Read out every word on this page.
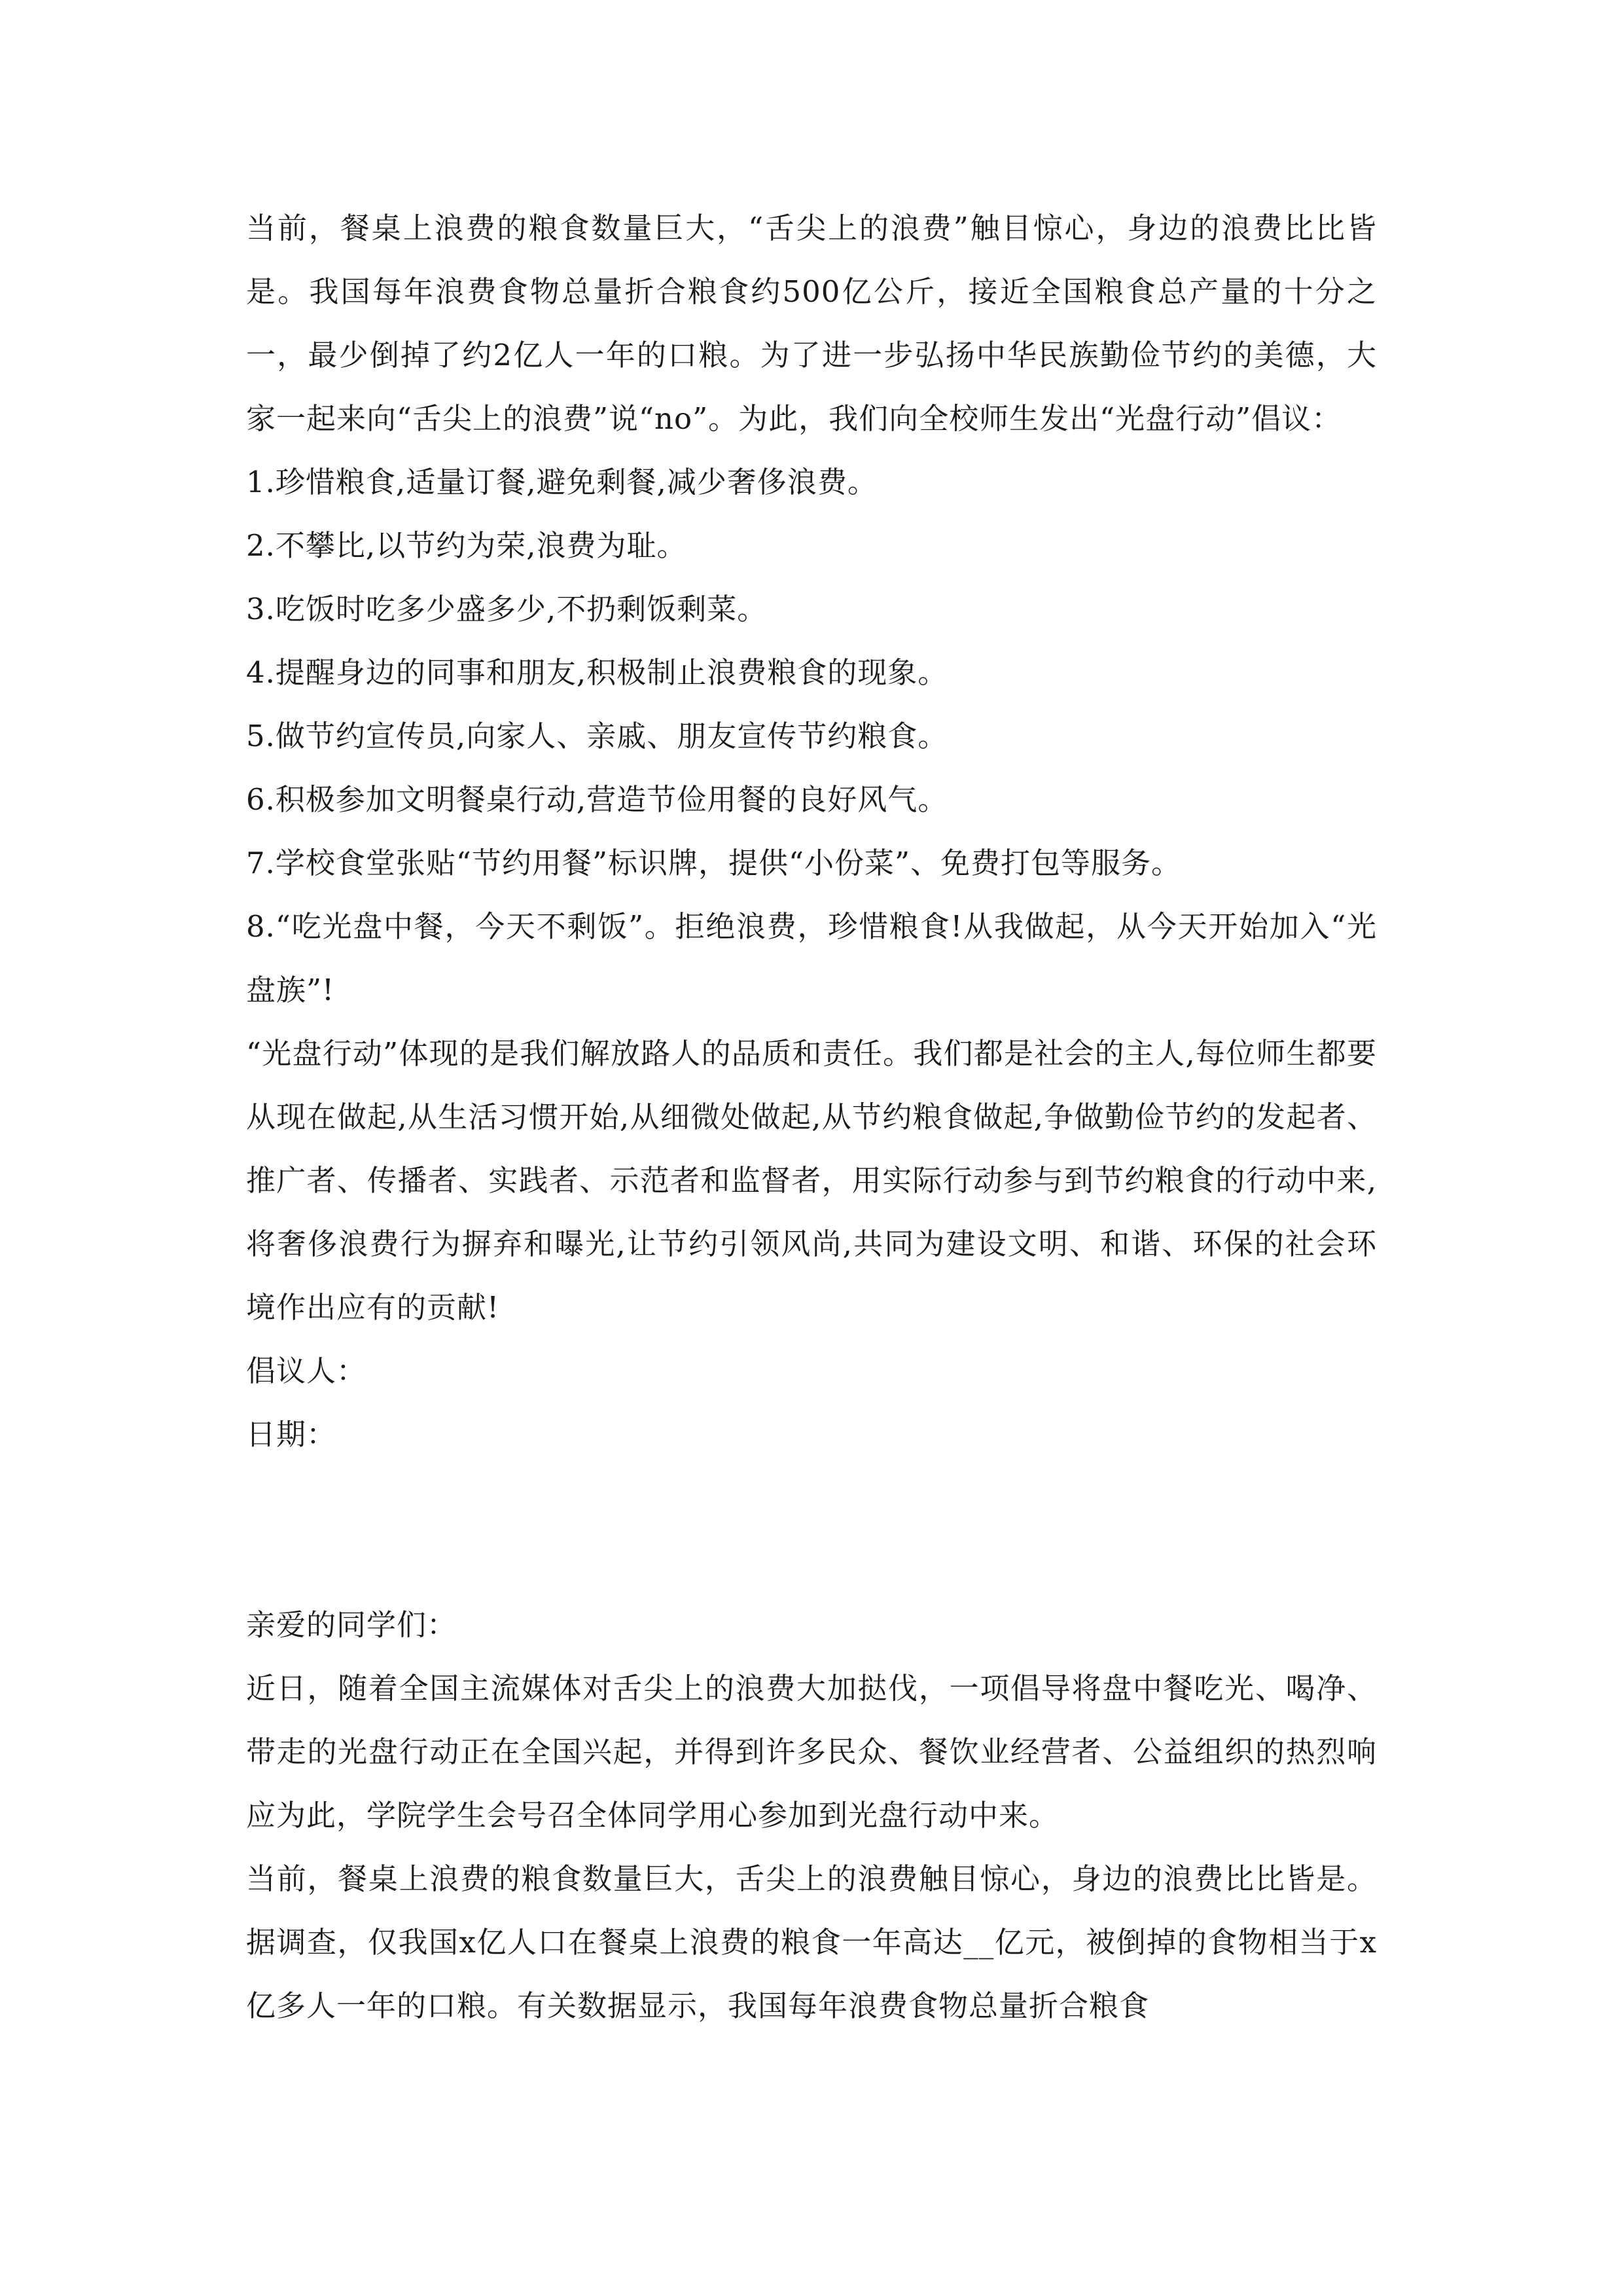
当前，餐桌上浪费的粮食数量巨大，“舌尖上的浪费”触目惊心，身边的浪费比比皆是。我国每年浪费食物总量折合粮食约500亿公斤，接近全国粮食总产量的十分之一，最少倒掉了约2亿人一年的口粮。为了进一步弘扬中华民族勤俭节约的美德，大家一起来向“舌尖上的浪费”说“no”。为此，我们向全校师生发出“光盘行动”倡议：

1.珍惜粮食,适量订餐,避免剩餐,减少奢侈浪费。

2.不攀比,以节约为荣,浪费为耻。

3.吃饭时吃多少盛多少,不扔剩饭剩菜。

4.提醒身边的同事和朋友,积极制止浪费粮食的现象。

5.做节约宣传员,向家人、亲戚、朋友宣传节约粮食。

6.积极参加文明餐桌行动,营造节俭用餐的良好风气。

7.学校食堂张贴“节约用餐”标识牌，提供“小份菜”、免费打包等服务。

8.“吃光盘中餐，今天不剩饭”。拒绝浪费，珍惜粮食!从我做起，从今天开始加入“光盘族”!

“光盘行动”体现的是我们解放路人的品质和责任。我们都是社会的主人,每位师生都要从现在做起,从生活习惯开始,从细微处做起,从节约粮食做起,争做勤俭节约的发起者、推广者、传播者、实践者、示范者和监督者，用实际行动参与到节约粮食的行动中来,将奢侈浪费行为摒弃和曝光,让节约引领风尚,共同为建设文明、和谐、环保的社会环境作出应有的贡献!

倡议人：

日期：

亲爱的同学们：

近日，随着全国主流媒体对舌尖上的浪费大加挞伐，一项倡导将盘中餐吃光、喝净、带走的光盘行动正在全国兴起，并得到许多民众、餐饮业经营者、公益组织的热烈响应为此，学院学生会号召全体同学用心参加到光盘行动中来。

当前，餐桌上浪费的粮食数量巨大，舌尖上的浪费触目惊心，身边的浪费比比皆是。据调查，仅我国x亿人口在餐桌上浪费的粮食一年高达__亿元，被倒掉的食物相当于x亿多人一年的口粮。有关数据显示，我国每年浪费食物总量折合粮食
